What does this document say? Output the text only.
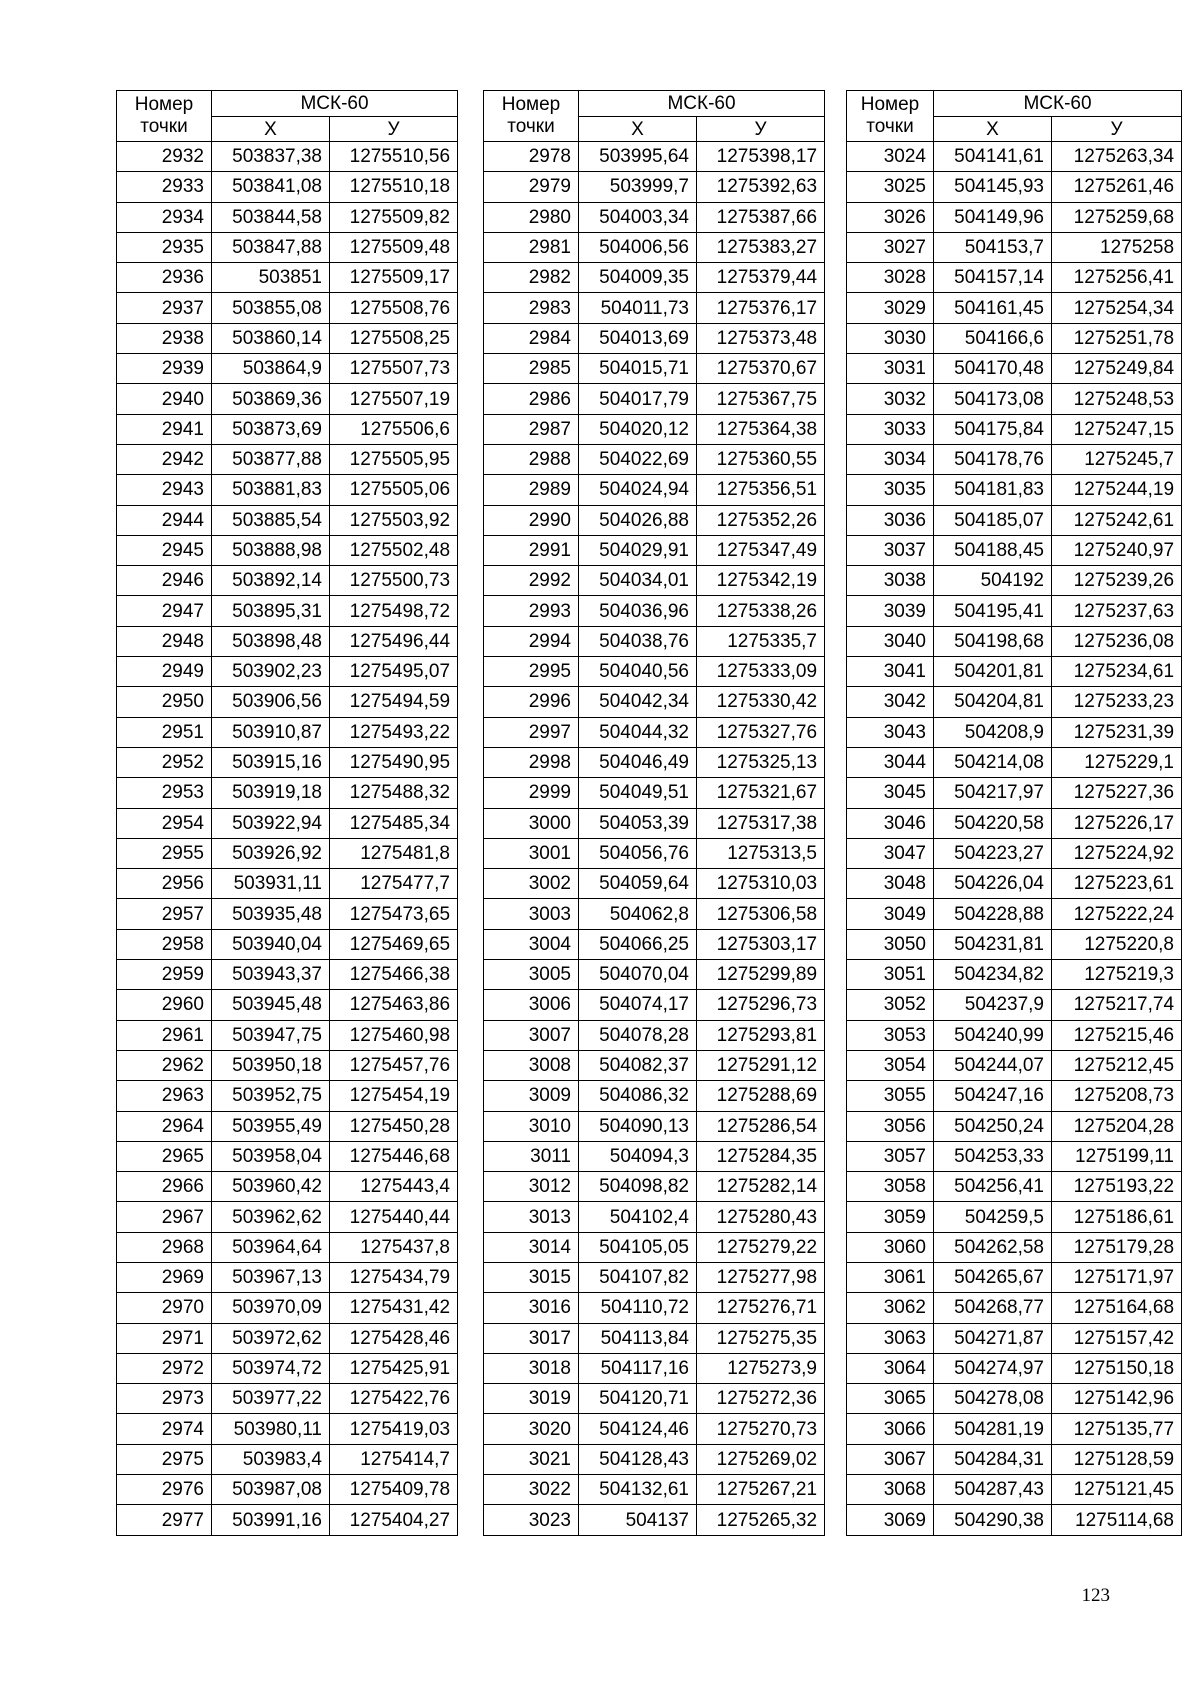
Номер точки	МСК-60	
	Х	У
2932	503837,38	1275510,56
2933	503841,08	1275510,18
2934	503844,58	1275509,82
2935	503847,88	1275509,48
2936	503851	1275509,17
2937	503855,08	1275508,76
2938	503860,14	1275508,25
2939	503864,9	1275507,73
2940	503869,36	1275507,19
2941	503873,69	1275506,6
2942	503877,88	1275505,95
2943	503881,83	1275505,06
2944	503885,54	1275503,92
2945	503888,98	1275502,48
2946	503892,14	1275500,73
2947	503895,31	1275498,72
2948	503898,48	1275496,44
2949	503902,23	1275495,07
2950	503906,56	1275494,59
2951	503910,87	1275493,22
2952	503915,16	1275490,95
2953	503919,18	1275488,32
2954	503922,94	1275485,34
2955	503926,92	1275481,8
2956	503931,11	1275477,7
2957	503935,48	1275473,65
2958	503940,04	1275469,65
2959	503943,37	1275466,38
2960	503945,48	1275463,86
2961	503947,75	1275460,98
2962	503950,18	1275457,76
2963	503952,75	1275454,19
2964	503955,49	1275450,28
2965	503958,04	1275446,68
2966	503960,42	1275443,4
2967	503962,62	1275440,44
2968	503964,64	1275437,8
2969	503967,13	1275434,79
2970	503970,09	1275431,42
2971	503972,62	1275428,46
2972	503974,72	1275425,91
2973	503977,22	1275422,76
2974	503980,11	1275419,03
2975	503983,4	1275414,7
2976	503987,08	1275409,78
2977	503991,16	1275404,27
Номер точки	МСК-60	
	Х	У
2978	503995,64	1275398,17
2979	503999,7	1275392,63
2980	504003,34	1275387,66
2981	504006,56	1275383,27
2982	504009,35	1275379,44
2983	504011,73	1275376,17
2984	504013,69	1275373,48
2985	504015,71	1275370,67
2986	504017,79	1275367,75
2987	504020,12	1275364,38
2988	504022,69	1275360,55
2989	504024,94	1275356,51
2990	504026,88	1275352,26
2991	504029,91	1275347,49
2992	504034,01	1275342,19
2993	504036,96	1275338,26
2994	504038,76	1275335,7
2995	504040,56	1275333,09
2996	504042,34	1275330,42
2997	504044,32	1275327,76
2998	504046,49	1275325,13
2999	504049,51	1275321,67
3000	504053,39	1275317,38
3001	504056,76	1275313,5
3002	504059,64	1275310,03
3003	504062,8	1275306,58
3004	504066,25	1275303,17
3005	504070,04	1275299,89
3006	504074,17	1275296,73
3007	504078,28	1275293,81
3008	504082,37	1275291,12
3009	504086,32	1275288,69
3010	504090,13	1275286,54
3011	504094,3	1275284,35
3012	504098,82	1275282,14
3013	504102,4	1275280,43
3014	504105,05	1275279,22
3015	504107,82	1275277,98
3016	504110,72	1275276,71
3017	504113,84	1275275,35
3018	504117,16	1275273,9
3019	504120,71	1275272,36
3020	504124,46	1275270,73
3021	504128,43	1275269,02
3022	504132,61	1275267,21
3023	504137	1275265,32
Номер точки	МСК-60	
	Х	У
3024	504141,61	1275263,34
3025	504145,93	1275261,46
3026	504149,96	1275259,68
3027	504153,7	1275258
3028	504157,14	1275256,41
3029	504161,45	1275254,34
3030	504166,6	1275251,78
3031	504170,48	1275249,84
3032	504173,08	1275248,53
3033	504175,84	1275247,15
3034	504178,76	1275245,7
3035	504181,83	1275244,19
3036	504185,07	1275242,61
3037	504188,45	1275240,97
3038	504192	1275239,26
3039	504195,41	1275237,63
3040	504198,68	1275236,08
3041	504201,81	1275234,61
3042	504204,81	1275233,23
3043	504208,9	1275231,39
3044	504214,08	1275229,1
3045	504217,97	1275227,36
3046	504220,58	1275226,17
3047	504223,27	1275224,92
3048	504226,04	1275223,61
3049	504228,88	1275222,24
3050	504231,81	1275220,8
3051	504234,82	1275219,3
3052	504237,9	1275217,74
3053	504240,99	1275215,46
3054	504244,07	1275212,45
3055	504247,16	1275208,73
3056	504250,24	1275204,28
3057	504253,33	1275199,11
3058	504256,41	1275193,22
3059	504259,5	1275186,61
3060	504262,58	1275179,28
3061	504265,67	1275171,97
3062	504268,77	1275164,68
3063	504271,87	1275157,42
3064	504274,97	1275150,18
3065	504278,08	1275142,96
3066	504281,19	1275135,77
3067	504284,31	1275128,59
3068	504287,43	1275121,45
3069	504290,38	1275114,68
123
